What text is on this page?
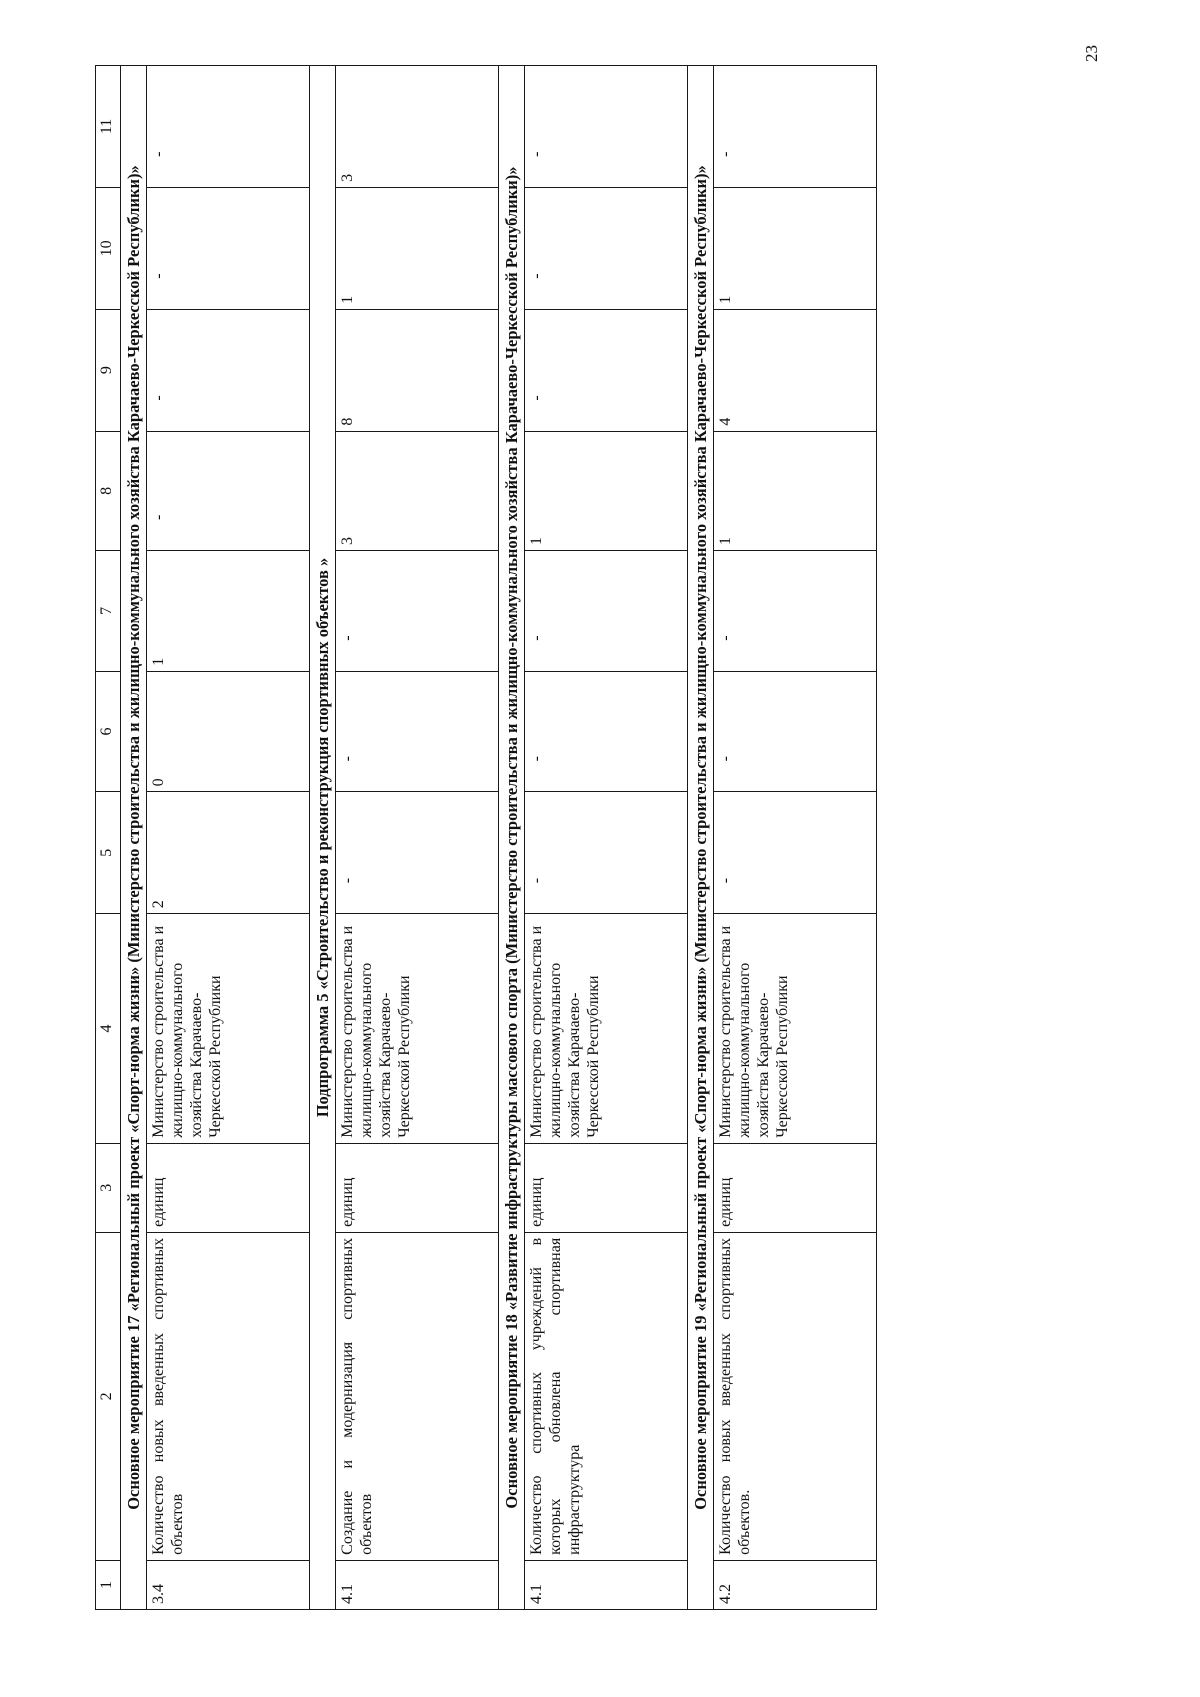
23
1	2	3	4	5	6	7	8	9	10	11
Основное мероприятие 17 «Региональный проект «Спорт-норма жизни» (Министерство строительства и жилищно-коммунального хозяйства Карачаево-Черкесской Республики)»										
3.4	Количество новых введенных спортивных объектов	единиц	Министерство строительства и жилищно-коммунального хозяйства Карачаево-Черкесской Республики	2	0	1	-	-	-	-
Подпрограмма 5 «Строительство и реконструкция спортивных объектов »										
4.1	Создание и модернизация спортивных объектов	единиц	Министерство строительства и жилищно-коммунального хозяйства Карачаево-Черкесской Республики	-	-	-	3	8	1	3
Основное мероприятие 18 «Развитие инфраструктуры массового спорта (Министерство строительства и жилищно-коммунального хозяйства Карачаево-Черкесской Республики)»										
4.1	Количество спортивных учреждений в которых обновлена спортивная инфраструктура	единиц	Министерство строительства и жилищно-коммунального хозяйства Карачаево-Черкесской Республики	-	-	-	1	-	-	-
Основное мероприятие 19 «Региональный проект «Спорт-норма жизни» (Министерство строительства и жилищно-коммунального хозяйства Карачаево-Черкесской Республики)»										
4.2	Количество новых введенных спортивных объектов.	единиц	Министерство строительства и жилищно-коммунального хозяйства Карачаево-Черкесской Республики	-	-	-	1	4	1	-
